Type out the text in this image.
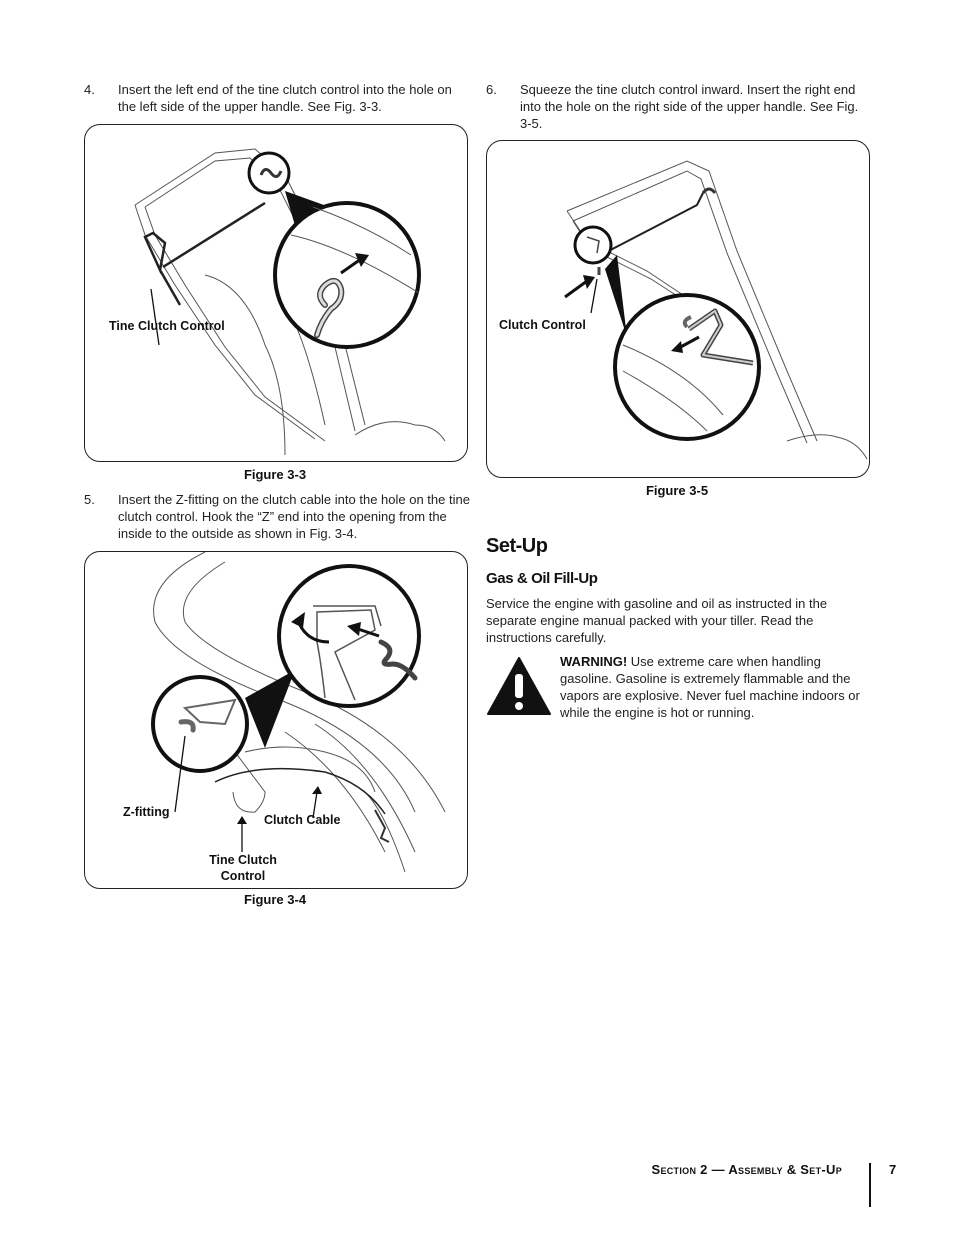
4. Insert the left end of the tine clutch control into the hole on the left side of the upper handle. See Fig. 3-3.
Tine Clutch Control
Figure 3-3
5. Insert the Z-fitting on the clutch cable into the hole on the tine clutch control. Hook the “Z” end into the opening from the inside to the outside as shown in Fig. 3-4.
Z-fitting
Clutch Cable
Tine Clutch
Control
Figure 3-4
6. Squeeze the tine clutch control inward. Insert the right end into the hole on the right side of the upper handle. See Fig. 3-5.
Clutch Control
Figure 3-5
Set-Up
Gas & Oil Fill-Up
Service the engine with gasoline and oil as instructed in the separate engine manual packed with your tiller. Read the instructions carefully.
WARNING! Use extreme care when handling gasoline. Gasoline is extremely flammable and the vapors are explosive. Never fuel machine indoors or while the engine is hot or running.
Section 2 — Assembly & Set-Up	7
